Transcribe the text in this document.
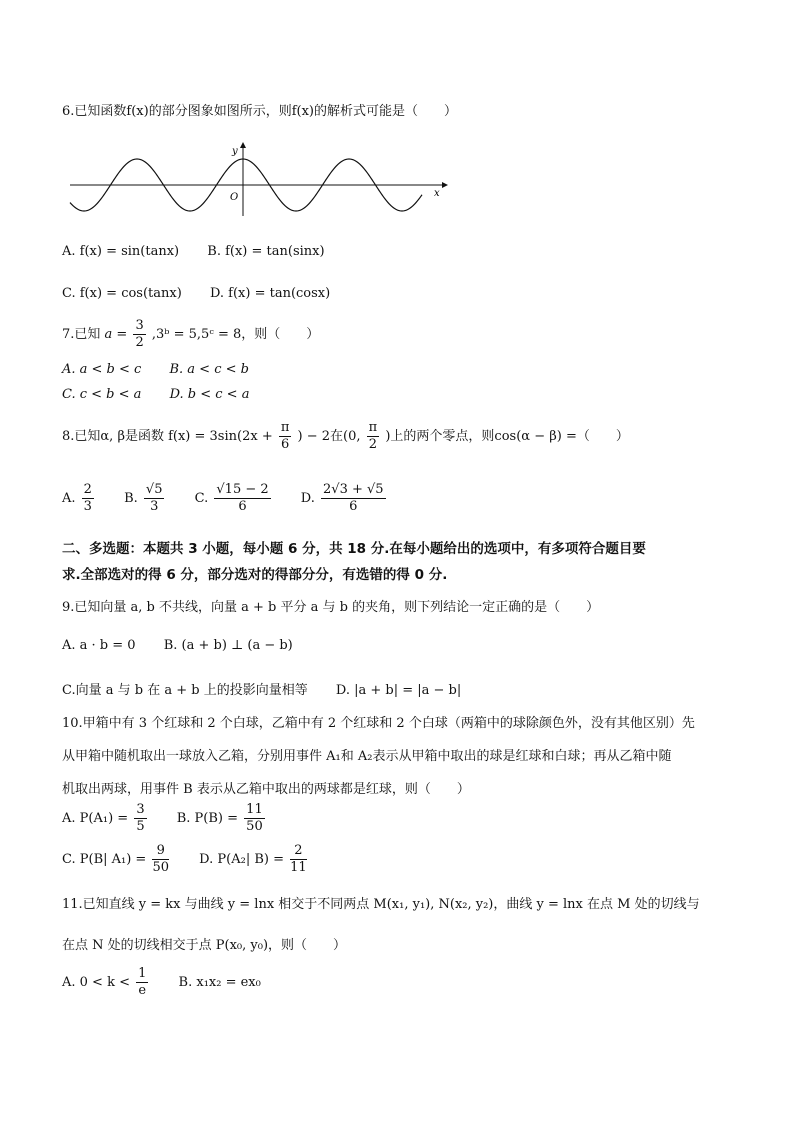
6.已知函数f(x)的部分图象如图所示，则f(x)的解析式可能是（　　）
y
x
O
A. f(x) = sin(tanx) B. f(x) = tan(sinx)
C. f(x) = cos(tanx) D. f(x) = tan(cosx)
7.已知 $a = \frac{3}{2}$ ,3ᵇ = 5,5ᶜ = 8，则（　　）
A. a < b < c B. a < c < b
C. c < b < a D. b < c < a
8.已知α, β是函数 $f(x) = 3\sin(2x + \frac{\pi}{6}$ ) − 2在(0, $\frac{\pi}{2}$ )上的两个零点，则cos(α − β) =（　　）
A. $\frac{2}{3} B$. $\frac{√5}{3} C$. $\frac{√15 - 2}{6} D$. $\frac{2√3 + √5}{6}$
二、多选题：本题共 3 小题，每小题 6 分，共 18 分.在每小题给出的选项中，有多项符合题目要
求.全部选对的得 6 分，部分选对的得部分分，有选错的得 0 分.
9.已知向量 a, b 不共线，向量 a + b 平分 a 与 b 的夹角，则下列结论一定正确的是（　　）
A. a · b = 0 B. (a + b) ⊥ (a − b)
C.向量 a 与 b 在 a + b 上的投影向量相等 D. |a + b| = |a − b|
10.甲箱中有 3 个红球和 2 个白球，乙箱中有 2 个红球和 2 个白球（两箱中的球除颜色外，没有其他区别）先
从甲箱中随机取出一球放入乙箱，分别用事件 A₁和 A₂表示从甲箱中取出的球是红球和白球；再从乙箱中随
机取出两球，用事件 B 表示从乙箱中取出的两球都是红球，则（　　）
A. $P(A_1) = \frac{3}{5} B$. $P(B) = \frac{11}{50}$
C. P(B| $A_1) = \frac{9}{50} D$. P(A₂| $B) = \frac{2}{11}$
11.已知直线 y = kx 与曲线 y = lnx 相交于不同两点 M(x₁, y₁), N(x₂, y₂)，曲线 y = lnx 在点 M 处的切线与
在点 N 处的切线相交于点 P(x₀, y₀)，则（　　）
A. $0 < k < \frac{1}{e} B$. x₁x₂ = ex₀
